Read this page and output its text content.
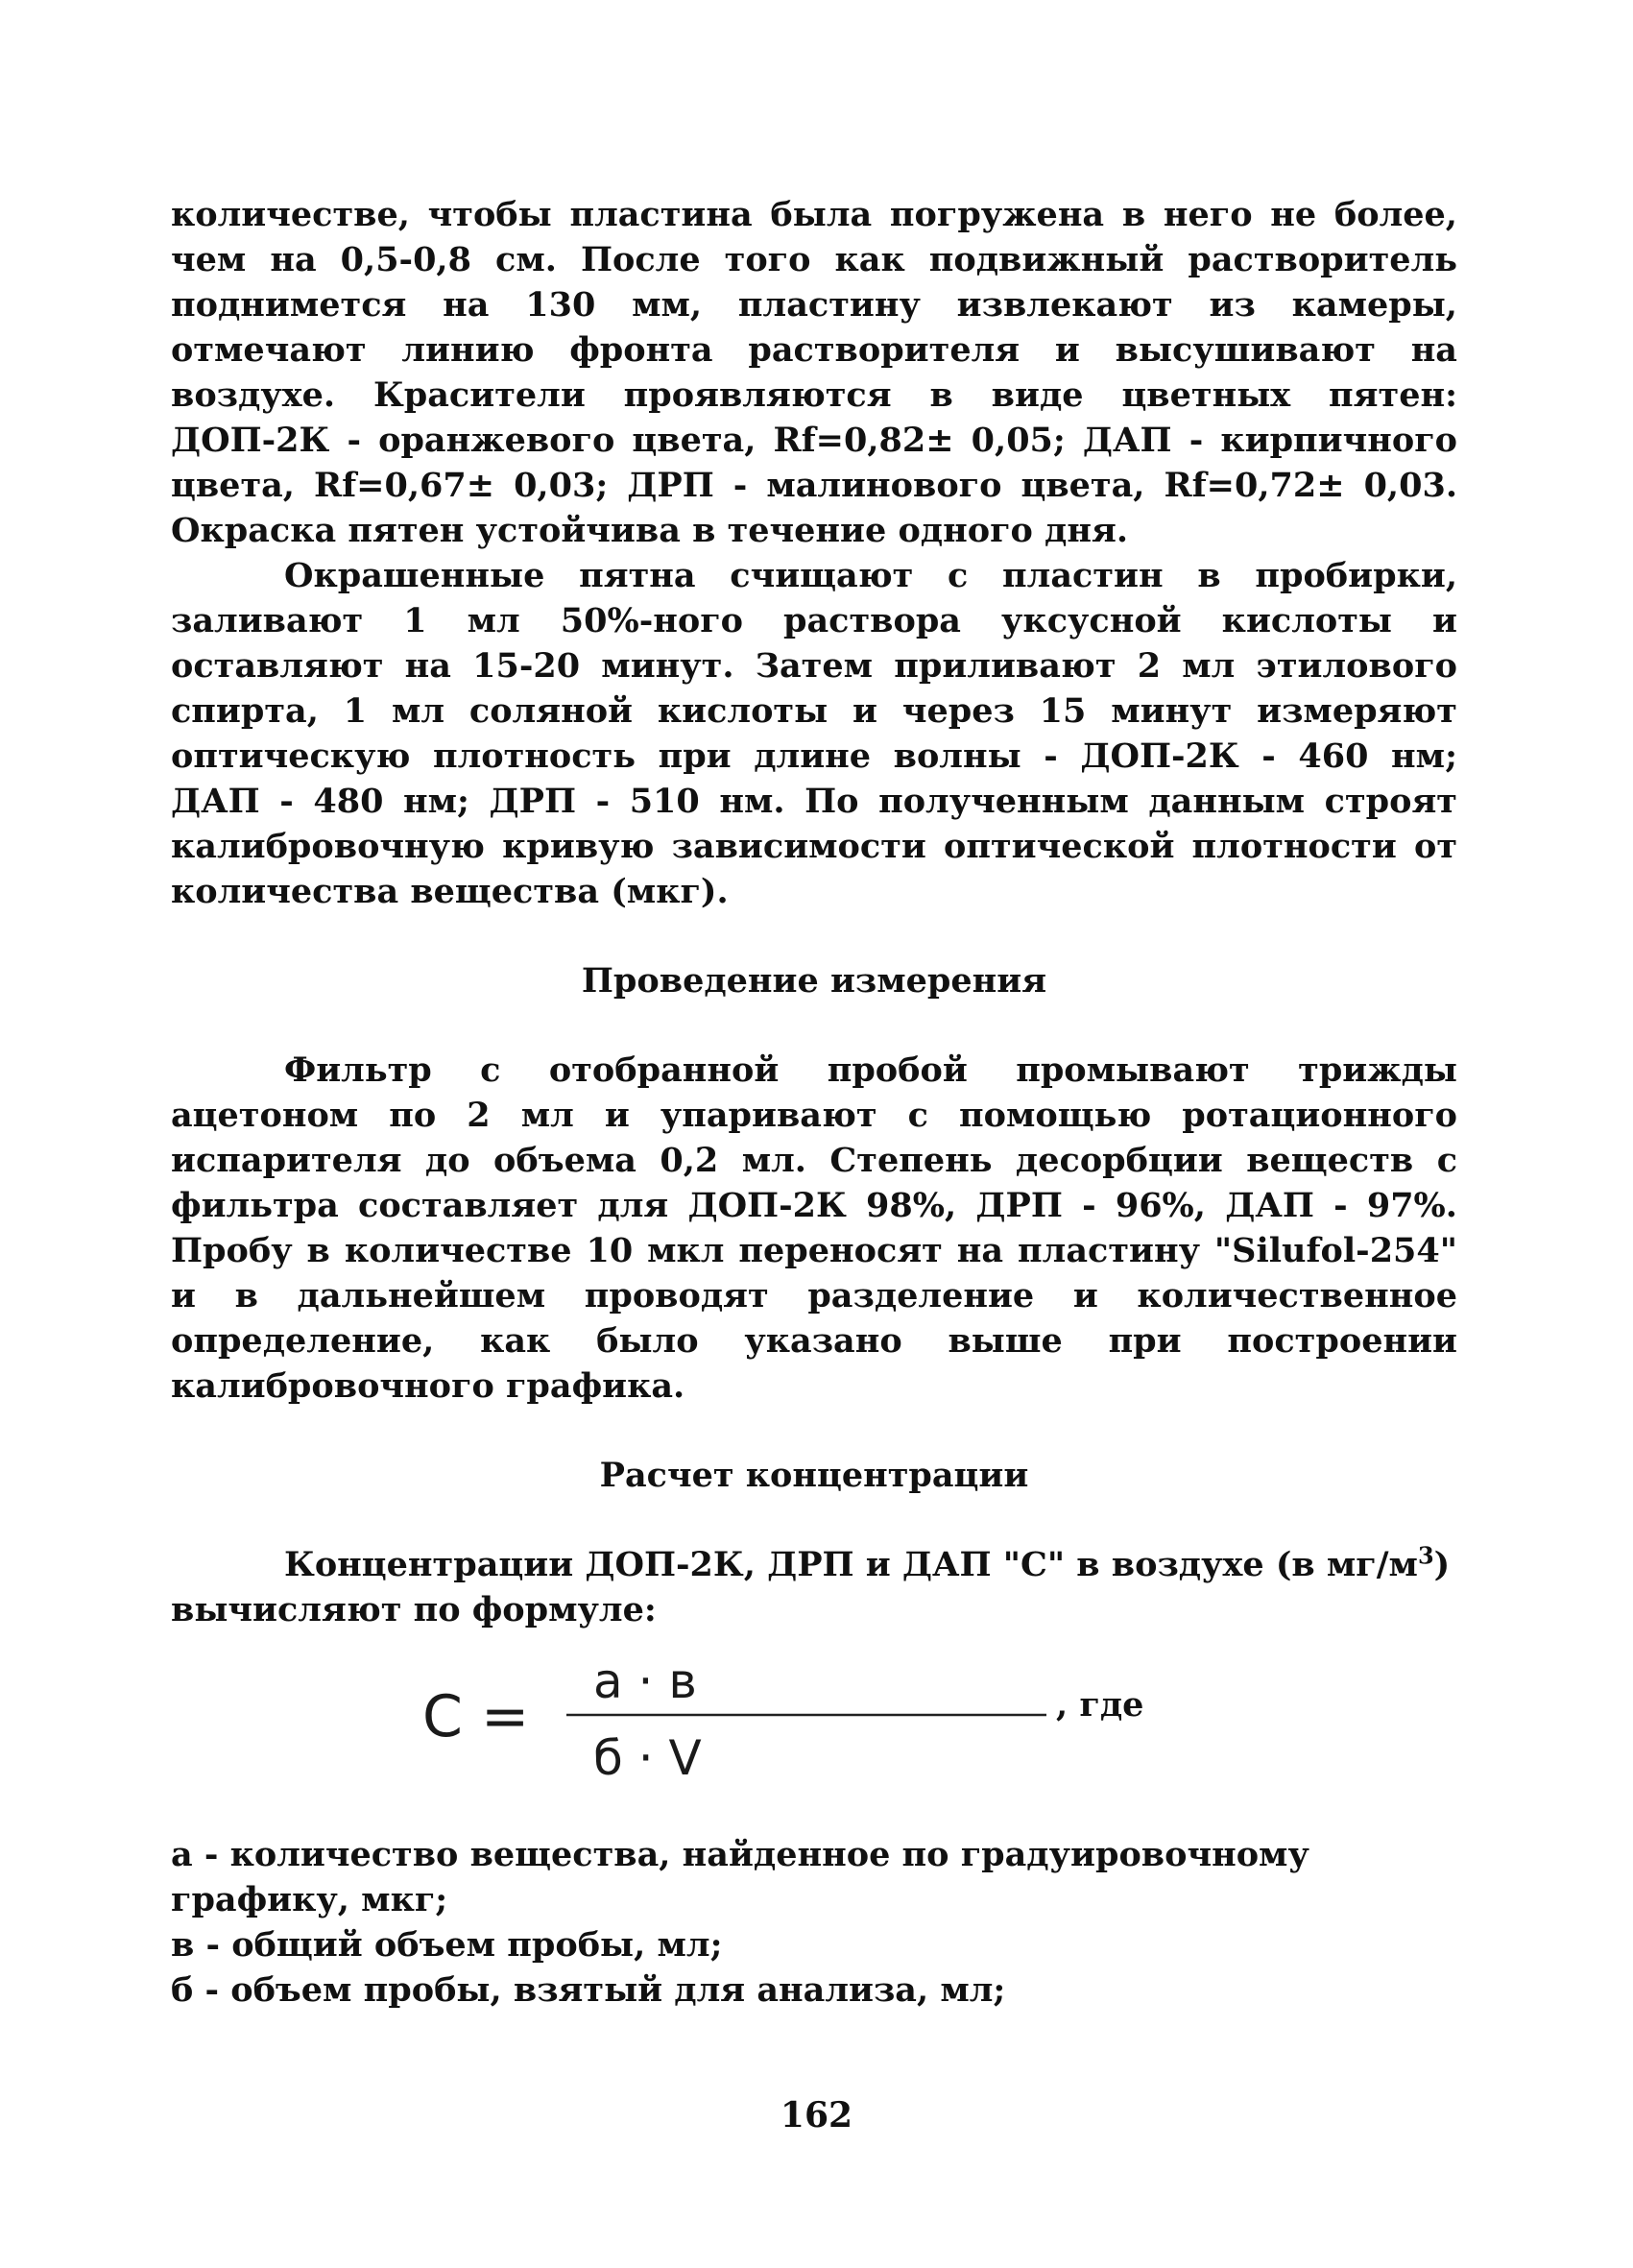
количестве, чтобы пластина была погружена в него не более, чем на 0,5-0,8 см. После того как подвижный растворитель поднимется на 130 мм, пластину извлекают из камеры, отмечают линию фронта растворителя и высушивают на воздухе. Красители проявляются в виде цветных пятен: ДОП-2К - оранжевого цвета, Rf=0,82± 0,05; ДАП - кирпичного цвета, Rf=0,67± 0,03; ДРП - малинового цвета, Rf=0,72± 0,03. Окраска пятен устойчива в течение одного дня.

Окрашенные пятна счищают с пластин в пробирки, заливают 1 мл 50%-ного раствора уксусной кислоты и оставляют на 15-20 минут. Затем приливают 2 мл этилового спирта, 1 мл соляной кислоты и через 15 минут измеряют оптическую плотность при длине волны - ДОП-2К - 460 нм; ДАП - 480 нм; ДРП - 510 нм. По полученным данным строят калибровочную кривую зависимости оптической плотности от количества вещества (мкг).

Проведение измерения

Фильтр с отобранной пробой промывают трижды ацетоном по 2 мл и упаривают с помощью ротационного испарителя до объема 0,2 мл. Степень десорбции веществ с фильтра составляет для ДОП-2К 98%, ДРП - 96%, ДАП - 97%. Пробу в количестве 10 мкл переносят на пластину "Silufol-254" и в дальнейшем проводят разделение и количественное определение, как было указано выше при построении калибровочного графика.

Расчет концентрации

Концентрации ДОП-2К, ДРП и ДАП "С" в воздухе (в $мг/м^3$)
вычисляют по формуле:

С =
а · в
б · V
, где

а - количество вещества, найденное по градуировочному графику, мкг;

в - общий объем пробы, мл;

б - объем пробы, взятый для анализа, мл;

162
